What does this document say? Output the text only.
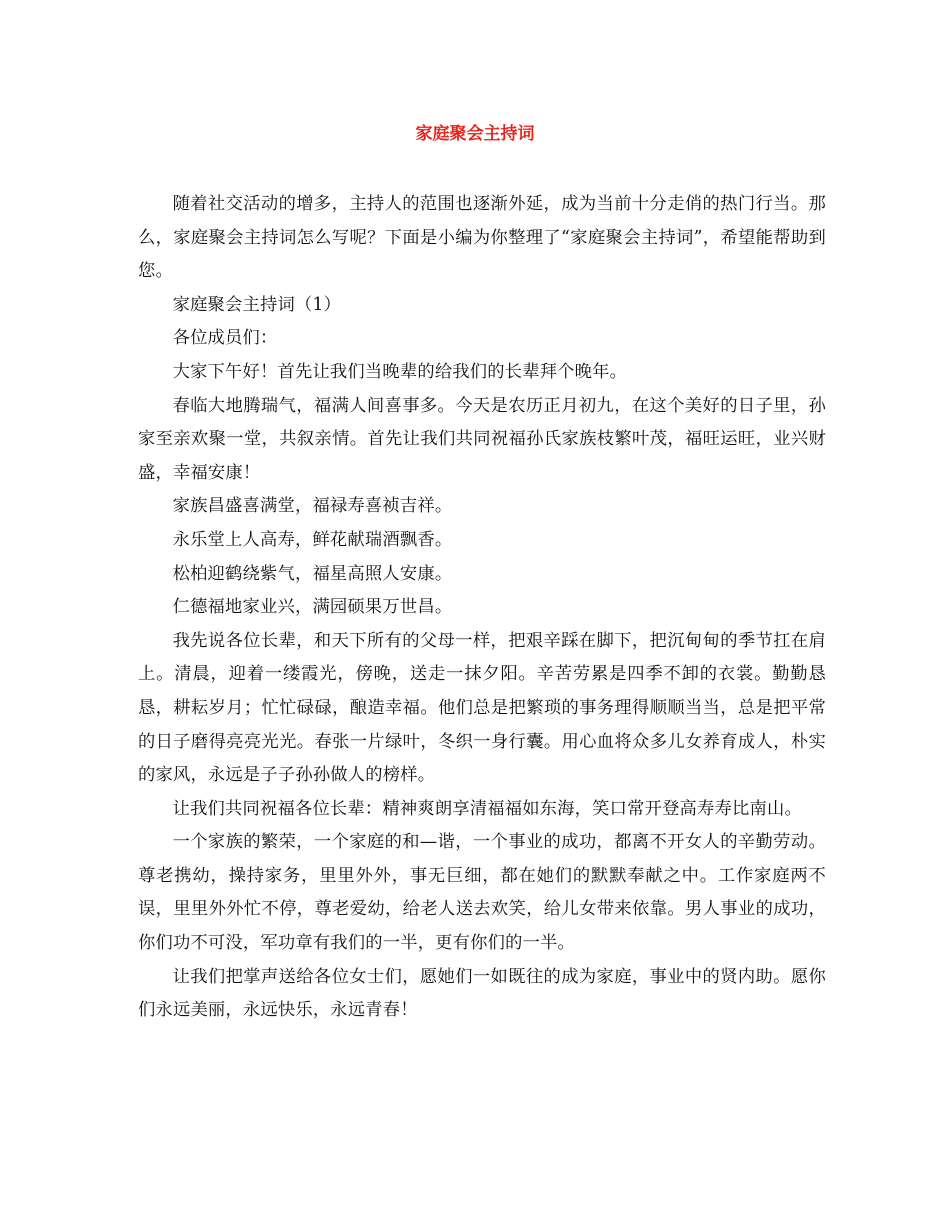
家庭聚会主持词

随着社交活动的增多，主持人的范围也逐渐外延，成为当前十分走俏的热门行当。那么，家庭聚会主持词怎么写呢？下面是小编为你整理了“家庭聚会主持词”，希望能帮助到您。

家庭聚会主持词（1）

各位成员们：

大家下午好！首先让我们当晚辈的给我们的长辈拜个晚年。

春临大地腾瑞气，福满人间喜事多。今天是农历正月初九，在这个美好的日子里，孙家至亲欢聚一堂，共叙亲情。首先让我们共同祝福孙氏家族枝繁叶茂，福旺运旺，业兴财盛，幸福安康！

家族昌盛喜满堂，福禄寿喜祯吉祥。

永乐堂上人高寿，鲜花献瑞酒飘香。

松柏迎鹤绕紫气，福星高照人安康。

仁德福地家业兴，满园硕果万世昌。

我先说各位长辈，和天下所有的父母一样，把艰辛踩在脚下，把沉甸甸的季节扛在肩上。清晨，迎着一缕霞光，傍晚，送走一抹夕阳。辛苦劳累是四季不卸的衣裳。勤勤恳恳，耕耘岁月；忙忙碌碌，酿造幸福。他们总是把繁琐的事务理得顺顺当当，总是把平常的日子磨得亮亮光光。春张一片绿叶，冬织一身行囊。用心血将众多儿女养育成人，朴实的家风，永远是子子孙孙做人的榜样。

让我们共同祝福各位长辈：精神爽朗享清福福如东海，笑口常开登高寿寿比南山。

一个家族的繁荣，一个家庭的和—谐，一个事业的成功，都离不开女人的辛勤劳动。尊老携幼，操持家务，里里外外，事无巨细，都在她们的默默奉献之中。工作家庭两不误，里里外外忙不停，尊老爱幼，给老人送去欢笑，给儿女带来依靠。男人事业的成功，你们功不可没，军功章有我们的一半，更有你们的一半。

让我们把掌声送给各位女士们，愿她们一如既往的成为家庭，事业中的贤内助。愿你们永远美丽，永远快乐，永远青春！
